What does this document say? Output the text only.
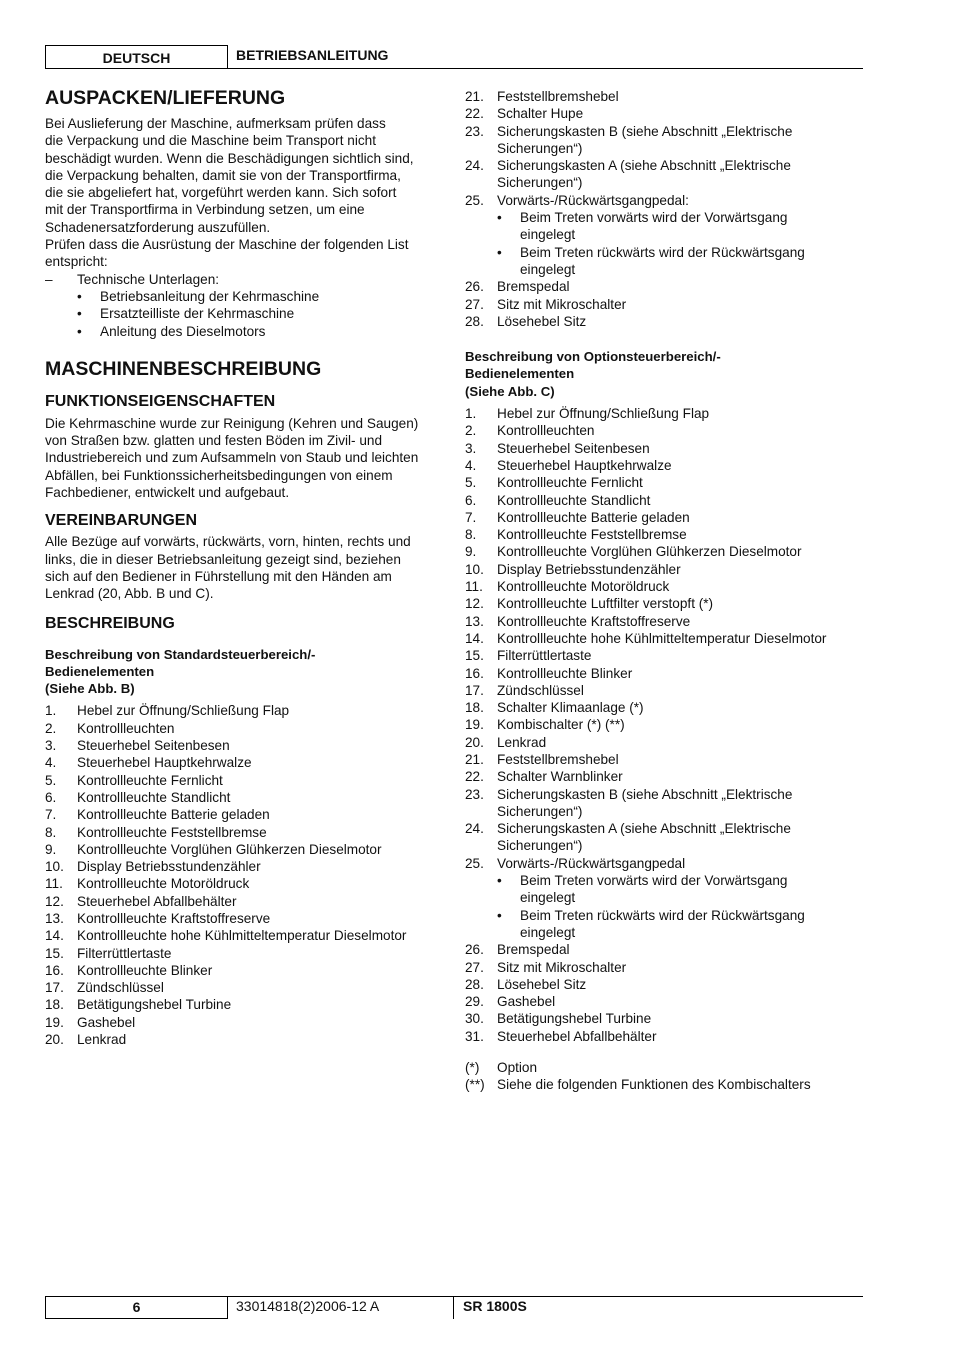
DEUTSCH	BETRIEBSANLEITUNG
AUSPACKEN/LIEFERUNG

Bei Auslieferung der Maschine, aufmerksam prüfen dass
die Verpackung und die Maschine beim Transport nicht
beschädigt wurden. Wenn die Beschädigungen sichtlich sind,
die Verpackung behalten, damit sie von der Transportfirma,
die sie abgeliefert hat, vorgeführt werden kann. Sich sofort
mit der Transportfirma in Verbindung setzen, um eine
Schadenersatzforderung auszufüllen.
Prüfen dass die Ausrüstung der Maschine der folgenden List
entspricht:

– Technische Unterlagen:
• Betriebsanleitung der Kehrmaschine
• Ersatzteilliste der Kehrmaschine
• Anleitung des Dieselmotors
MASCHINENBESCHREIBUNG
FUNKTIONSEIGENSCHAFTEN

Die Kehrmaschine wurde zur Reinigung (Kehren und Saugen)
von Straßen bzw. glatten und festen Böden im Zivil- und
Industriebereich und zum Aufsammeln von Staub und leichten
Abfällen, bei Funktionssicherheitsbedingungen von einem
Fachbediener, entwickelt und aufgebaut.

VEREINBARUNGEN

Alle Bezüge auf vorwärts, rückwärts, vorn, hinten, rechts und
links, die in dieser Betriebsanleitung gezeigt sind, beziehen
sich auf den Bediener in Führstellung mit den Händen am
Lenkrad (20, Abb. B und C).

BESCHREIBUNG
Beschreibung von Standardsteuerbereich/-
Bedienelementen
(Siehe Abb. B)
1. Hebel zur Öffnung/Schließung Flap
2. Kontrollleuchten
3. Steuerhebel Seitenbesen
4. Steuerhebel Hauptkehrwalze
5. Kontrollleuchte Fernlicht
6. Kontrollleuchte Standlicht
7. Kontrollleuchte Batterie geladen
8. Kontrollleuchte Feststellbremse
9. Kontrollleuchte Vorglühen Glühkerzen Dieselmotor
10. Display Betriebsstundenzähler
11. Kontrollleuchte Motoröldruck
12. Steuerhebel Abfallbehälter
13. Kontrollleuchte Kraftstoffreserve
14. Kontrollleuchte hohe Kühlmitteltemperatur Dieselmotor
15. Filterrüttlertaste
16. Kontrollleuchte Blinker
17. Zündschlüssel
18. Betätigungshebel Turbine
19. Gashebel
20. Lenkrad
21. Feststellbremshebel
22. Schalter Hupe
23. Sicherungskasten B (siehe Abschnitt „Elektrische
Sicherungen“)
24. Sicherungskasten A (siehe Abschnitt „Elektrische
Sicherungen“)
25. Vorwärts-/Rückwärtsgangpedal:
• Beim Treten vorwärts wird der Vorwärtsgang
eingelegt
• Beim Treten rückwärts wird der Rückwärtsgang
eingelegt
26. Bremspedal
27. Sitz mit Mikroschalter
28. Lösehebel Sitz
Beschreibung von Optionsteuerbereich/-
Bedienelementen
(Siehe Abb. C)
1. Hebel zur Öffnung/Schließung Flap
2. Kontrollleuchten
3. Steuerhebel Seitenbesen
4. Steuerhebel Hauptkehrwalze
5. Kontrollleuchte Fernlicht
6. Kontrollleuchte Standlicht
7. Kontrollleuchte Batterie geladen
8. Kontrollleuchte Feststellbremse
9. Kontrollleuchte Vorglühen Glühkerzen Dieselmotor
10. Display Betriebsstundenzähler
11. Kontrollleuchte Motoröldruck
12. Kontrollleuchte Luftfilter verstopft (*)
13. Kontrollleuchte Kraftstoffreserve
14. Kontrollleuchte hohe Kühlmitteltemperatur Dieselmotor
15. Filterrüttlertaste
16. Kontrollleuchte Blinker
17. Zündschlüssel
18. Schalter Klimaanlage (*)
19. Kombischalter (*) (**)
20. Lenkrad
21. Feststellbremshebel
22. Schalter Warnblinker
23. Sicherungskasten B (siehe Abschnitt „Elektrische
Sicherungen“)
24. Sicherungskasten A (siehe Abschnitt „Elektrische
Sicherungen“)
25. Vorwärts-/Rückwärtsgangpedal
• Beim Treten vorwärts wird der Vorwärtsgang
eingelegt
• Beim Treten rückwärts wird der Rückwärtsgang
eingelegt
26. Bremspedal
27. Sitz mit Mikroschalter
28. Lösehebel Sitz
29. Gashebel
30. Betätigungshebel Turbine
31. Steuerhebel Abfallbehälter
(*) Option
(**) Siehe die folgenden Funktionen des Kombischalters
6	33014818(2)2006-12 A	SR 1800S
